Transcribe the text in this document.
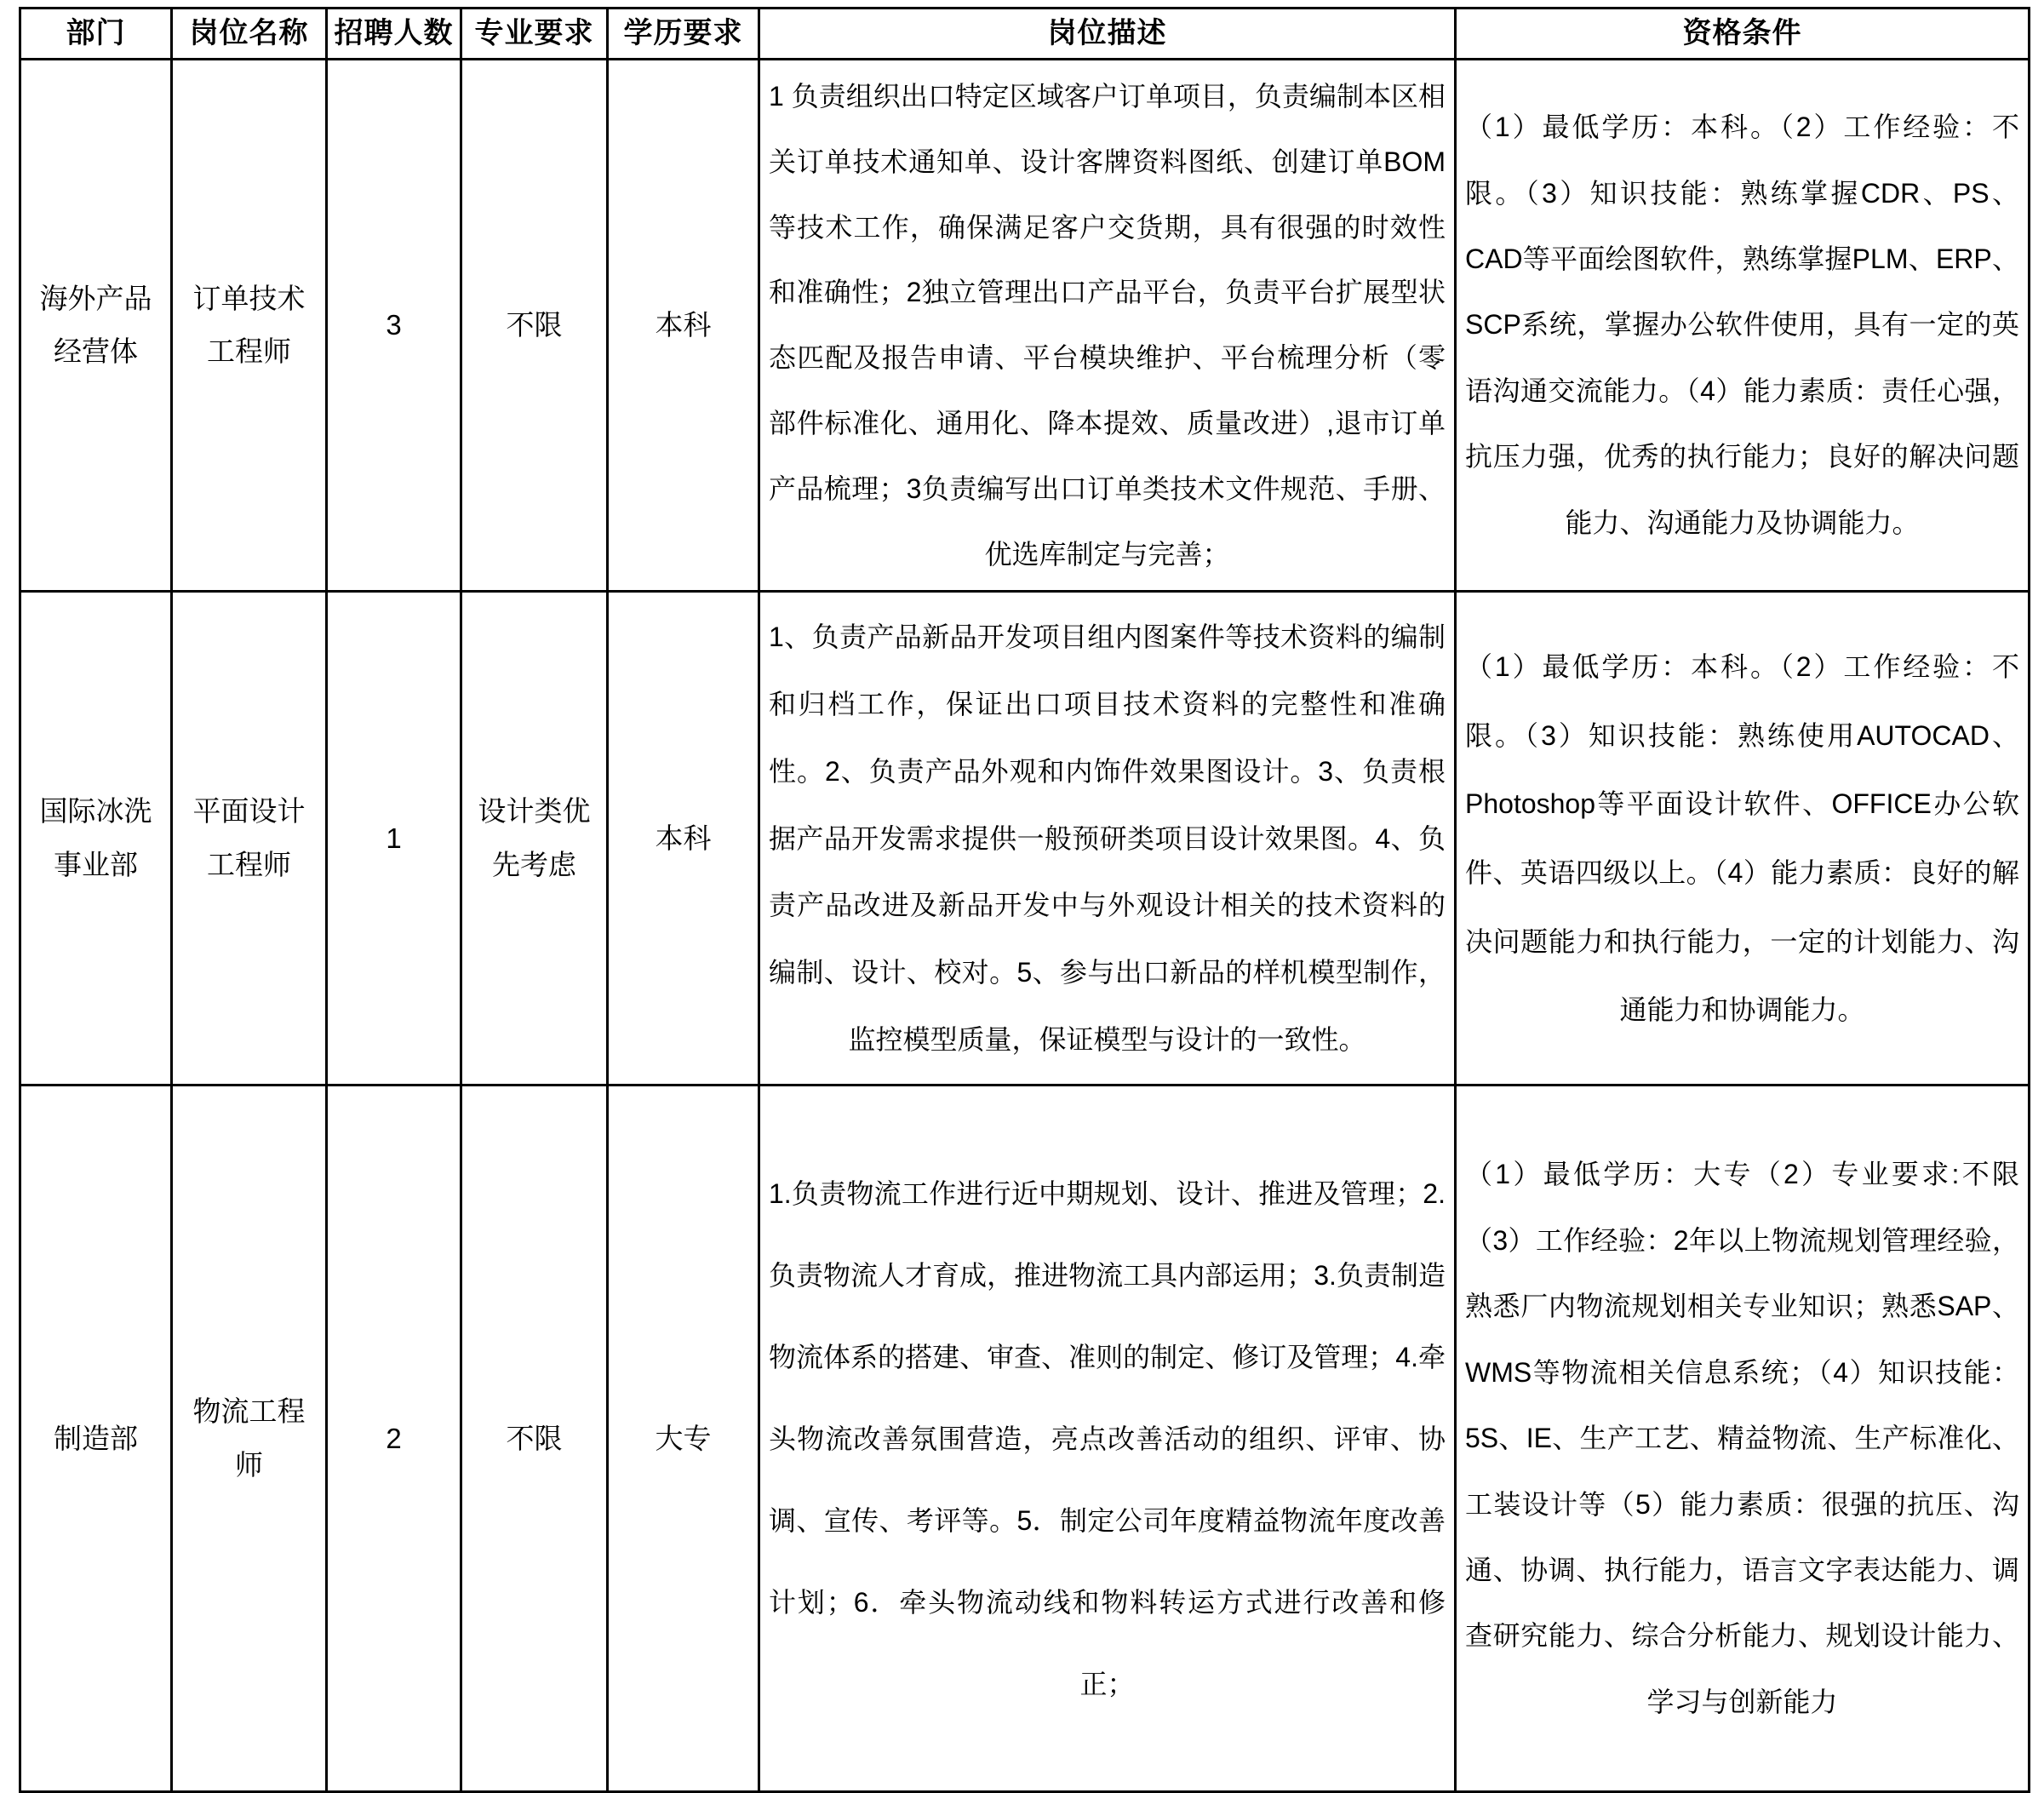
部门	岗位名称	招聘人数	专业要求	学历要求	岗位描述	资格条件
海外产品经营体	订单技术工程师	3	不限	本科	1 负责组织出口特定区域客户订单项目，负责编制本区相关订单技术通知单、设计客牌资料图纸、创建订单BOM等技术工作，确保满足客户交货期，具有很强的时效性和准确性；2独立管理出口产品平台，负责平台扩展型状态匹配及报告申请、平台模块维护、平台梳理分析（零部件标准化、通用化、降本提效、质量改进）,退市订单产品梳理；3负责编写出口订单类技术文件规范、手册、优选库制定与完善；	（1）最低学历：本科。（2）工作经验：不限。（3）知识技能：熟练掌握CDR、PS、CAD等平面绘图软件，熟练掌握PLM、ERP、SCP系统，掌握办公软件使用，具有一定的英语沟通交流能力。（4）能力素质：责任心强，抗压力强，优秀的执行能力；良好的解决问题能力、沟通能力及协调能力。

国际冰洗事业部	平面设计工程师	1	设计类优先考虑	本科	1、负责产品新品开发项目组内图案件等技术资料的编制和归档工作，保证出口项目技术资料的完整性和准确性。2、负责产品外观和内饰件效果图设计。3、负责根据产品开发需求提供一般预研类项目设计效果图。4、负责产品改进及新品开发中与外观设计相关的技术资料的编制、设计、校对。5、参与出口新品的样机模型制作，监控模型质量，保证模型与设计的一致性。	（1）最低学历：本科。（2）工作经验：不限。（3）知识技能：熟练使用AUTOCAD、Photoshop等平面设计软件、OFFICE办公软件、英语四级以上。（4）能力素质：良好的解决问题能力和执行能力，一定的计划能力、沟通能力和协调能力。

制造部	物流工程师	2	不限	大专	1.负责物流工作进行近中期规划、设计、推进及管理；2.负责物流人才育成，推进物流工具内部运用；3.负责制造物流体系的搭建、审查、准则的制定、修订及管理；4.牵头物流改善氛围营造，亮点改善活动的组织、评审、协调、宣传、考评等。5．制定公司年度精益物流年度改善计划；6．牵头物流动线和物料转运方式进行改善和修正；	（1）最低学历：大专（2）专业要求:不限（3）工作经验：2年以上物流规划管理经验，熟悉厂内物流规划相关专业知识；熟悉SAP、WMS等物流相关信息系统；（4）知识技能：5S、IE、生产工艺、精益物流、生产标准化、工装设计等（5）能力素质：很强的抗压、沟通、协调、执行能力，语言文字表达能力、调查研究能力、综合分析能力、规划设计能力、学习与创新能力
